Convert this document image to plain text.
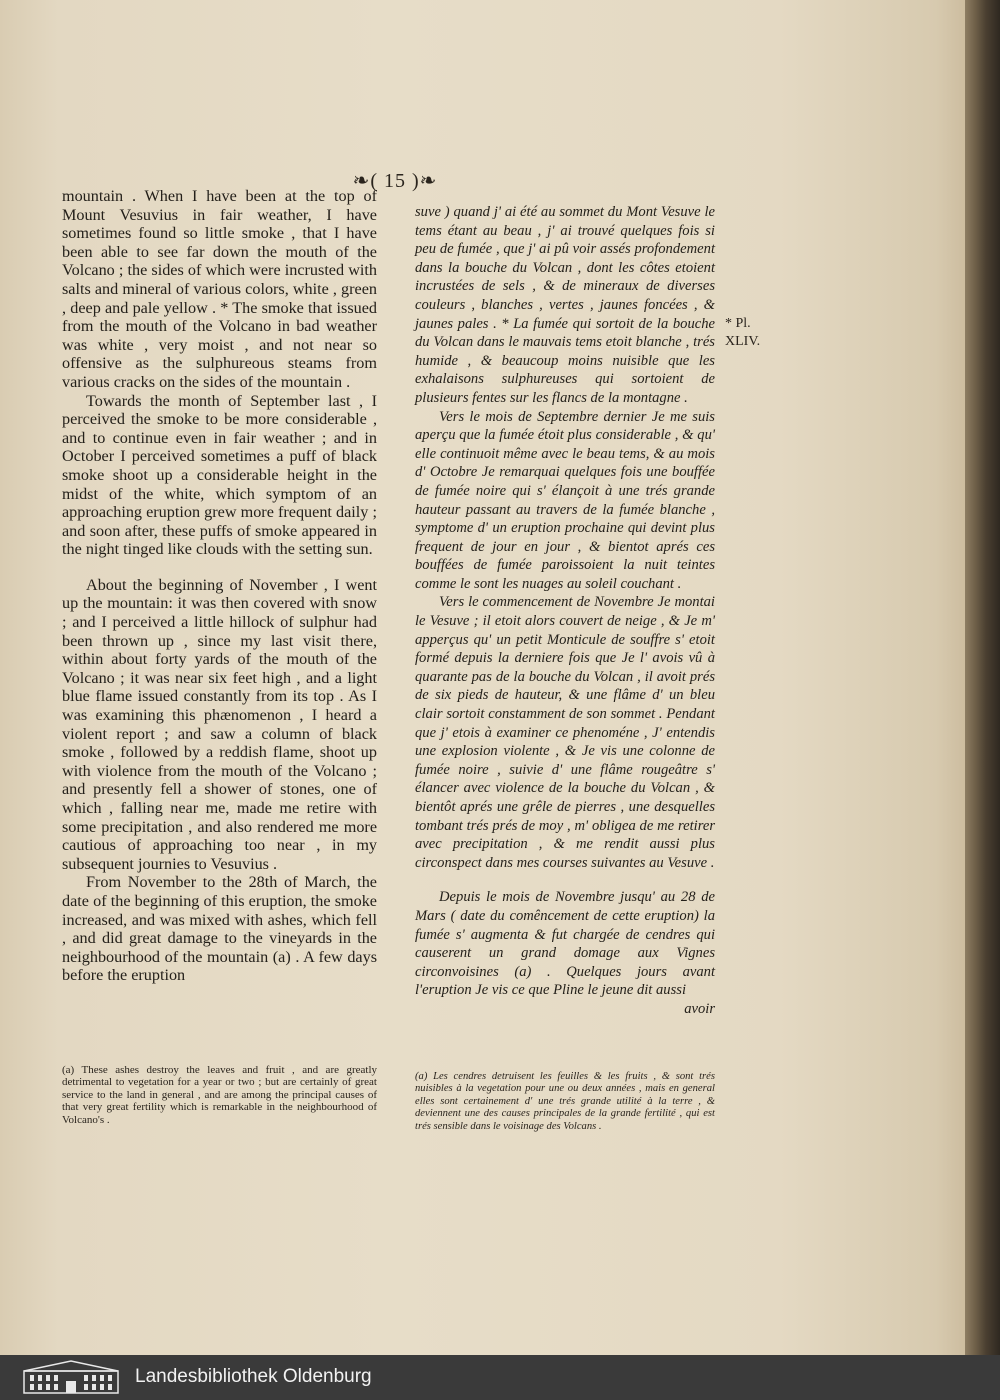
❧( 15 )❧

mountain . When I have been at the top of Mount Vesuvius in fair weather, I have sometimes found so little smoke , that I have been able to see far down the mouth of the Volcano ; the sides of which were incrusted with salts and mineral of various colors, white , green , deep and pale yellow . * The smoke that issued from the mouth of the Volcano in bad weather was white , very moist , and not near so offensive as the sulphureous steams from various cracks on the sides of the mountain .

Towards the month of September last , I perceived the smoke to be more considerable , and to continue even in fair weather ; and in October I perceived sometimes a puff of black smoke shoot up a considerable height in the midst of the white, which symptom of an approaching eruption grew more frequent daily ; and soon after, these puffs of smoke appeared in the night tinged like clouds with the setting sun.

About the beginning of November , I went up the mountain: it was then covered with snow ; and I perceived a little hillock of sulphur had been thrown up , since my last visit there, within about forty yards of the mouth of the Volcano ; it was near six feet high , and a light blue flame issued constantly from its top . As I was examining this phænomenon , I heard a violent report ; and saw a column of black smoke , followed by a reddish flame, shoot up with violence from the mouth of the Volcano ; and presently fell a shower of stones, one of which , falling near me, made me retire with some precipitation , and also rendered me more cautious of approaching too near , in my subsequent journies to Vesuvius .

From November to the 28th of March, the date of the beginning of this eruption, the smoke increased, and was mixed with ashes, which fell , and did great damage to the vineyards in the neighbourhood of the mountain (a) . A few days before the eruption

(a) These ashes destroy the leaves and fruit , and are greatly detrimental to vegetation for a year or two ; but are certainly of great service to the land in general , and are among the principal causes of that very great fertility which is remarkable in the neighbourhood of Volcano's .

suve ) quand j' ai été au sommet du Mont Vesuve le tems étant au beau , j' ai trouvé quelques fois si peu de fumée , que j' ai pû voir assés profondement dans la bouche du Volcan , dont les côtes etoient incrustées de sels , & de mineraux de diverses couleurs , blanches , vertes , jaunes foncées , & jaunes pales . * La fumée qui sortoit de la bouche du Volcan dans le mauvais tems etoit blanche , trés humide , & beaucoup moins nuisible que les exhalaisons sulphureuses qui sortoient de plusieurs fentes sur les flancs de la montagne .

Vers le mois de Septembre dernier Je me suis aperçu que la fumée étoit plus considerable , & qu' elle continuoit même avec le beau tems, & au mois d' Octobre Je remarquai quelques fois une bouffée de fumée noire qui s' élançoit à une trés grande hauteur passant au travers de la fumée blanche , symptome d' un eruption prochaine qui devint plus frequent de jour en jour , & bientot aprés ces bouffées de fumée paroissoient la nuit teintes comme le sont les nuages au soleil couchant .

Vers le commencement de Novembre Je montai le Vesuve ; il etoit alors couvert de neige , & Je m' apperçus qu' un petit Monticule de souffre s' etoit formé depuis la derniere fois que Je l' avois vû à quarante pas de la bouche du Volcan , il avoit prés de six pieds de hauteur, & une flâme d' un bleu clair sortoit constamment de son sommet . Pendant que j' etois à examiner ce phenoméne , J' entendis une explosion violente , & Je vis une colonne de fumée noire , suivie d' une flâme rougeâtre s' élancer avec violence de la bouche du Volcan , & bientôt aprés une grêle de pierres , une desquelles tombant trés prés de moy , m' obligea de me retirer avec precipitation , & me rendit aussi plus circonspect dans mes courses suivantes au Vesuve .

Depuis le mois de Novembre jusqu' au 28 de Mars ( date du comêncement de cette eruption) la fumée s' augmenta & fut chargée de cendres qui causerent un grand domage aux Vignes circonvoisines (a) . Quelques jours avant l'eruption Je vis ce que Pline le jeune dit aussi

avoir

(a) Les cendres detruisent les feuilles & les fruits , & sont trés nuisibles à la vegetation pour une ou deux années , mais en general elles sont certainement d' une trés grande utilité à la terre , & deviennent une des causes principales de la grande fertilité , qui est trés sensible dans le voisinage des Volcans .
* Pl. XLIV.
Landesbibliothek Oldenburg
